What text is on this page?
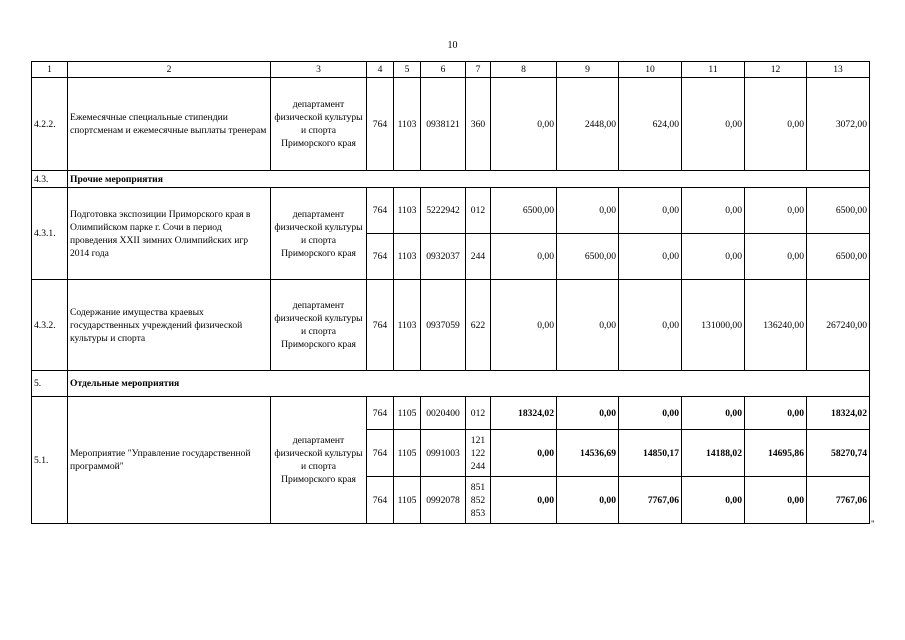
10
1	2	3	4	5	6	7	8	9	10	11	12	13
4.2.2.	Ежемесячные специальные стипендии спортсменам и ежемесячные выплаты тренерам	департамент физической культуры и спорта Приморского края	764	1103	0938121	360	0,00	2448,00	624,00	0,00	0,00	3072,00
4.3.	Прочие мероприятия											
4.3.1.	Подготовка экспозиции Приморского края в Олимпийском парке г. Сочи в период проведения XXII зимних Олимпийских игр 2014 года	департамент физической культуры и спорта Приморского края	764	1103	5222942	012	6500,00	0,00	0,00	0,00	0,00	6500,00
			764	1103	0932037	244	0,00	6500,00	0,00	0,00	0,00	6500,00
4.3.2.	Содержание имущества краевых государственных учреждений физической культуры и спорта	департамент физической культуры и спорта Приморского края	764	1103	0937059	622	0,00	0,00	0,00	131000,00	136240,00	267240,00
5.	Отдельные мероприятия											
5.1.	Мероприятие "Управление государственной программой"	департамент физической культуры и спорта Приморского края	764	1105	0020400	012	18324,02	0,00	0,00	0,00	0,00	18324,02
			764	1105	0991003	121
122
244	0,00	14536,69	14850,17	14188,02	14695,86	58270,74
			764	1105	0992078	851
852
853	0,00	0,00	7767,06	0,00	0,00	7767,06
"
